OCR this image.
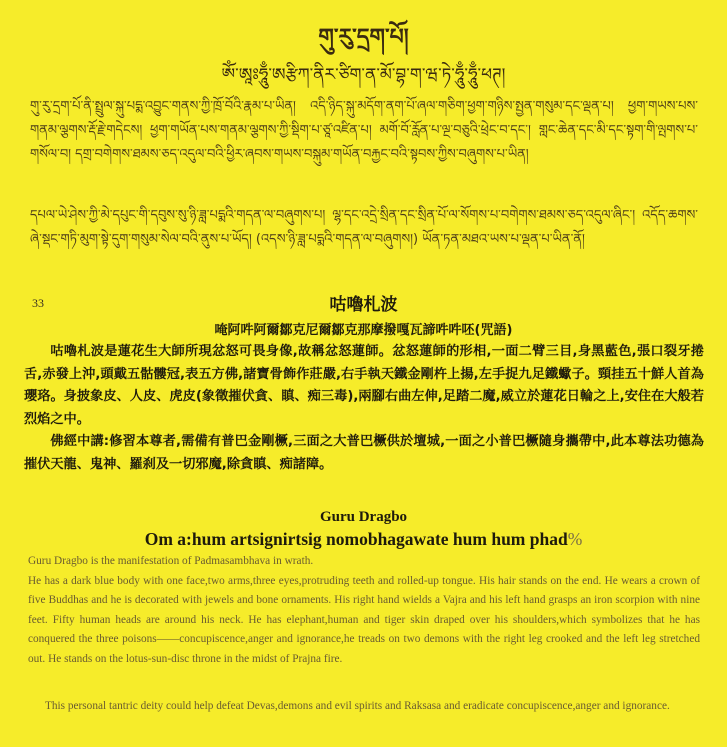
གུ་རུ་དྲག་པོ།

ཨོཾ་ཨཱཿཧཱུྃ་ཨརྩིཀ་ནིར་ཙིག་ན་མོ་བྷ་ག་ཝ་ཏེ་ཧཱུྃ་ཧཱུྃ་ཕཊ།

གུ་རུ་དྲག་པོ་ནི་སྤྲུལ་སྐུ་པདྨ་འབྱུང་གནས་ཀྱི་ཁྲོ་བོའི་རྣམ་པ་ཡིན། འདི་ཉིད་སྐུ་མདོག་ནག་པོ་ཞལ་གཅིག་ཕྱག་གཉིས་སྤྱན་གསུམ་དང་ལྡན་པ། ཕྱག་གཡས་པས་གནམ་ལྕགས་རྡོ་རྗེ་གདེངས། ཕྱག་གཡོན་པས་གནམ་ལྕགས་ཀྱི་སྡིག་པ་ཙཱ་འཛིན་པ། མགོ་བོ་རློན་པ་ལྔ་བཅུའི་ཕྲེང་བ་དང་། གླང་ཆེན་དང་མི་དང་སྟག་གི་ལྤགས་པ་གསོལ་བ། དགྲ་བགེགས་ཐམས་ཅད་འདུལ་བའི་ཕྱིར་ཞབས་གཡས་བསྐུམ་གཡོན་བརྐྱང་བའི་སྟབས་ཀྱིས་བཞུགས་པ་ཡིན།

དཔལ་ཡེ་ཤེས་ཀྱི་མེ་དཔུང་གི་དབུས་སུ་ཉི་ཟླ་པདྨའི་གདན་ལ་བཞུགས་པ། ལྷ་དང་འདྲེ་སྲིན་དང་སྲིན་པོ་ལ་སོགས་པ་བགེགས་ཐམས་ཅད་འདུལ་ཞིང་། འདོད་ཆགས་ཞེ་སྡང་གཏི་མུག་སྟེ་དུག་གསུམ་སེལ་བའི་ནུས་པ་ཡོད། (འདས་ཉི་ཟླ་པདྨའི་གདན་ལ་བཞུགས།) ཡོན་ཏན་མཐའ་ཡས་པ་ལྡན་པ་ཡིན་ནོ།

33	咕嚕札波

唵阿吽阿爾鄒克尼爾鄒克那摩撥嘎瓦諦吽吽呸(咒語)

咕嚕札波是蓮花生大師所現忿怒可畏身像,故稱忿怒蓮師。忿怒蓮師的形相,一面二臂三目,身黑藍色,張口裂牙捲舌,赤發上沖,頭戴五骷髏冠,表五方佛,諸寶骨飾作莊嚴,右手執天鐵金剛杵上揚,左手捉九足鐵蠍子。頸挂五十鮮人首為瓔珞。身披象皮、人皮、虎皮(象徵摧伏貪、瞋、痴三毒),兩腳右曲左伸,足踏二魔,威立於蓮花日輪之上,安住在大般若烈焰之中。

佛經中講:修習本尊者,需備有普巴金剛橛,三面之大普巴橛供於壇城,一面之小普巴橛隨身攜帶中,此本尊法功德為摧伏天龍、鬼神、羅刹及一切邪魔,除貪瞋、痴諸障。

Guru Dragbo

Om a:hum artsignirtsig nomobhagawate hum hum phad%

Guru Dragbo is the manifestation of Padmasambhava in wrath.

He has a dark blue body with one face,two arms,three eyes,protruding teeth and rolled-up tongue. His hair stands on the end. He wears a crown of five Buddhas and he is decorated with jewels and bone ornaments. His right hand wields a Vajra and his left hand grasps an iron scorpion with nine feet. Fifty human heads are around his neck. He has elephant,human and tiger skin draped over his shoulders,which symbolizes that he has conquered the three poisons——concupiscence,anger and ignorance,he treads on two demons with the right leg crooked and the left leg stretched out. He stands on the lotus-sun-disc throne in the midst of Prajna fire.

This personal tantric deity could help defeat Devas,demons and evil spirits and Raksasa and eradicate concupiscence,anger and ignorance.
